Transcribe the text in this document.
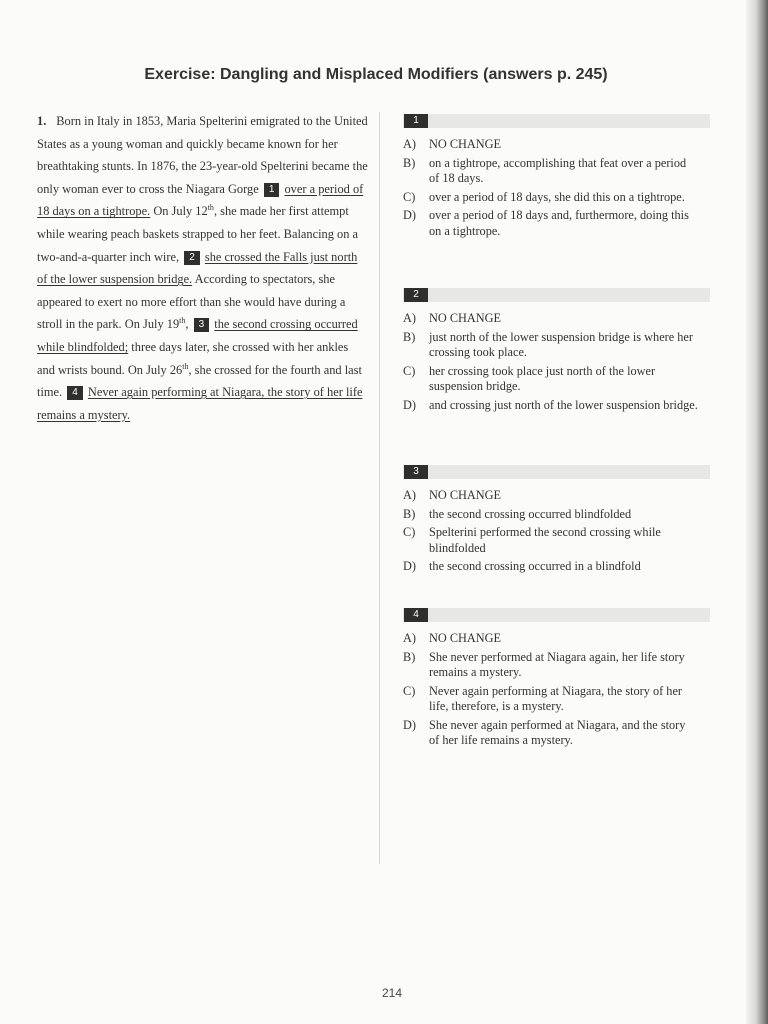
Exercise: Dangling and Misplaced Modifiers (answers p. 245)
1. Born in Italy in 1853, Maria Spelterini emigrated to the United States as a young woman and quickly became known for her breathtaking stunts. In 1876, the 23-year-old Spelterini became the only woman ever to cross the Niagara Gorge 1 over a period of 18 days on a tightrope. On July 12th, she made her first attempt while wearing peach baskets strapped to her feet. Balancing on a two-and-a-quarter inch wire, 2 she crossed the Falls just north of the lower suspension bridge. According to spectators, she appeared to exert no more effort than she would have during a stroll in the park. On July 19th, 3 the second crossing occurred while blindfolded; three days later, she crossed with her ankles and wrists bound. On July 26th, she crossed for the fourth and last time. 4 Never again performing at Niagara, the story of her life remains a mystery.
1
A)	NO CHANGE
B)	on a tightrope, accomplishing that feat over a period of 18 days.
C)	over a period of 18 days, she did this on a tightrope.
D)	over a period of 18 days and, furthermore, doing this on a tightrope.
2
A)	NO CHANGE
B)	just north of the lower suspension bridge is where her crossing took place.
C)	her crossing took place just north of the lower suspension bridge.
D)	and crossing just north of the lower suspension bridge.
3
A)	NO CHANGE
B)	the second crossing occurred blindfolded
C)	Spelterini performed the second crossing while blindfolded
D)	the second crossing occurred in a blindfold
4
A)	NO CHANGE
B)	She never performed at Niagara again, her life story remains a mystery.
C)	Never again performing at Niagara, the story of her life, therefore, is a mystery.
D)	She never again performed at Niagara, and the story of her life remains a mystery.
214
